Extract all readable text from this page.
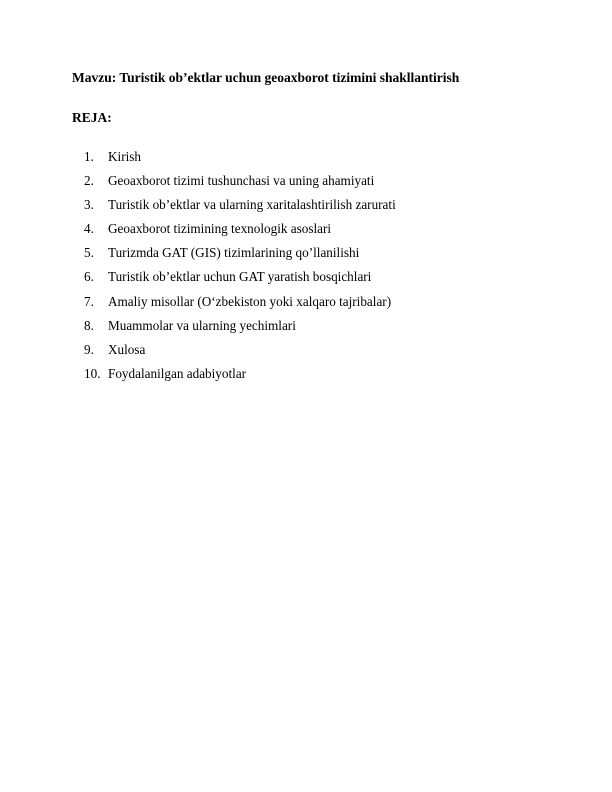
Mavzu: Turistik ob’ektlar uchun geoaxborot tizimini shakllantirish
REJA:
1.	Kirish
2.	Geoaxborot tizimi tushunchasi va uning ahamiyati
3.	Turistik ob’ektlar va ularning xaritalashtirilish zarurati
4.	Geoaxborot tizimining texnologik asoslari
5.	Turizmda GAT (GIS) tizimlarining qo’llanilishi
6.	Turistik ob’ektlar uchun GAT yaratish bosqichlari
7.	Amaliy misollar (O‘zbekiston yoki xalqaro tajribalar)
8.	Muammolar va ularning yechimlari
9.	Xulosa
10. Foydalanilgan adabiyotlar
